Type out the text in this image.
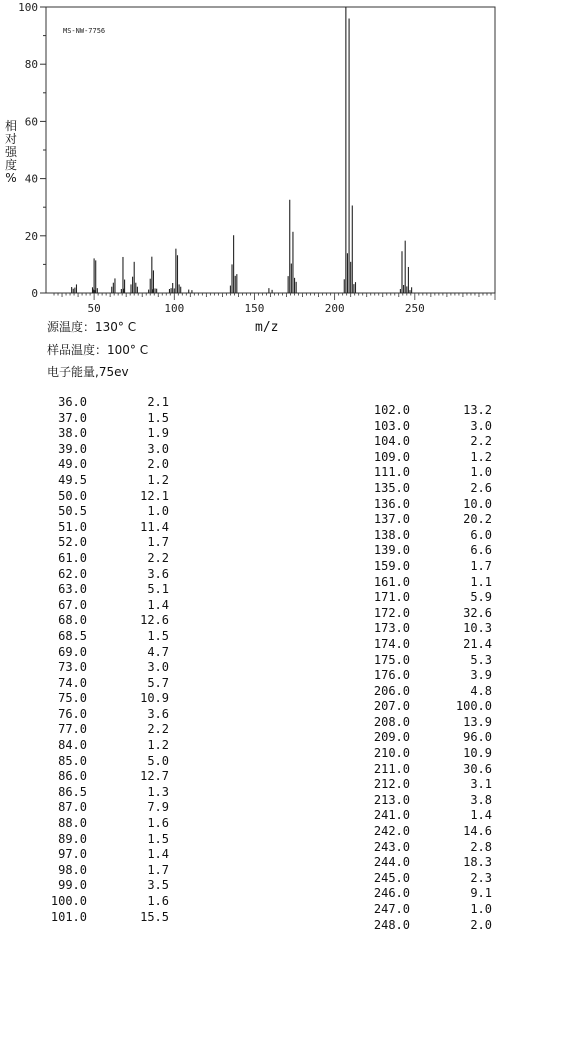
0
20
40
60
80
100
50	100	150	200	250
MS-NW-7756
相
对
强
度
%
m/z
源温度：130° C
样品温度：100° C
电子能量,75ev
36.0	2.1
37.0	1.5
38.0	1.9
39.0	3.0
49.0	2.0
49.5	1.2
50.0	12.1
50.5	1.0
51.0	11.4
52.0	1.7
61.0	2.2
62.0	3.6
63.0	5.1
67.0	1.4
68.0	12.6
68.5	1.5
69.0	4.7
73.0	3.0
74.0	5.7
75.0	10.9
76.0	3.6
77.0	2.2
84.0	1.2
85.0	5.0
86.0	12.7
86.5	1.3
87.0	7.9
88.0	1.6
89.0	1.5
97.0	1.4
98.0	1.7
99.0	3.5
100.0	1.6
101.0	15.5
102.0	13.2
103.0	3.0
104.0	2.2
109.0	1.2
111.0	1.0
135.0	2.6
136.0	10.0
137.0	20.2
138.0	6.0
139.0	6.6
159.0	1.7
161.0	1.1
171.0	5.9
172.0	32.6
173.0	10.3
174.0	21.4
175.0	5.3
176.0	3.9
206.0	4.8
207.0	100.0
208.0	13.9
209.0	96.0
210.0	10.9
211.0	30.6
212.0	3.1
213.0	3.8
241.0	1.4
242.0	14.6
243.0	2.8
244.0	18.3
245.0	2.3
246.0	9.1
247.0	1.0
248.0	2.0
